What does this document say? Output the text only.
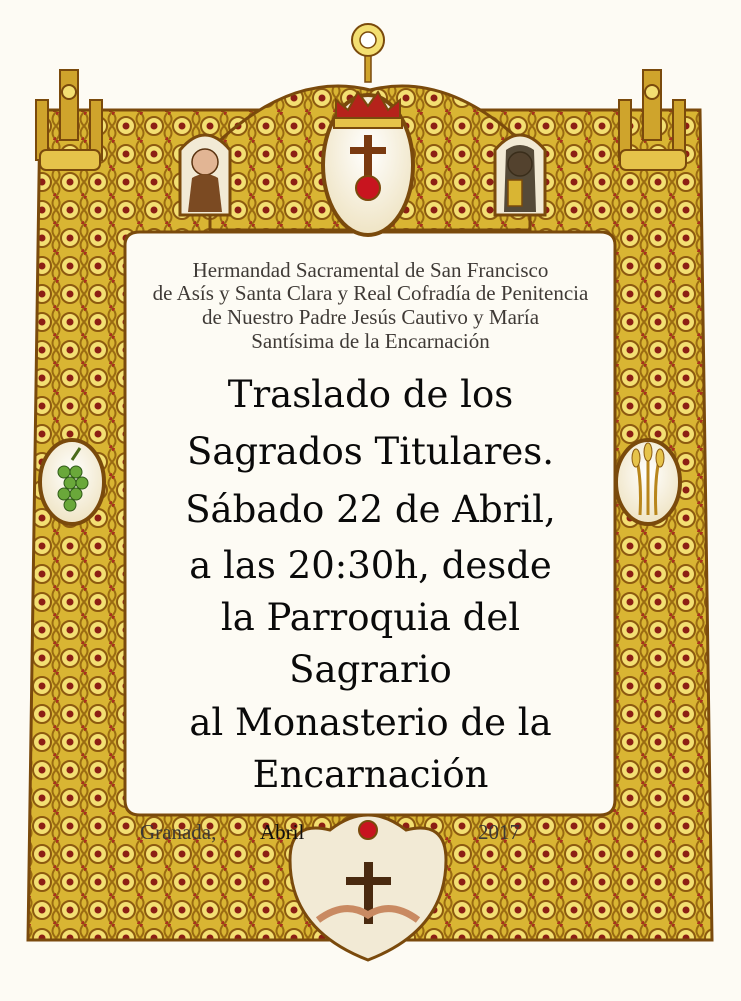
Hermandad Sacramental de San Francisco
de Asís y Santa Clara y Real Cofradía de Penitencia
de Nuestro Padre Jesús Cautivo y María
Santísima de la Encarnación
Traslado de los
Sagrados Titulares.
Sábado 22 de Abril,
a las 20:30h, desde
la Parroquia del
Sagrario
al Monasterio de la
Encarnación
Granada, Abril	2017
